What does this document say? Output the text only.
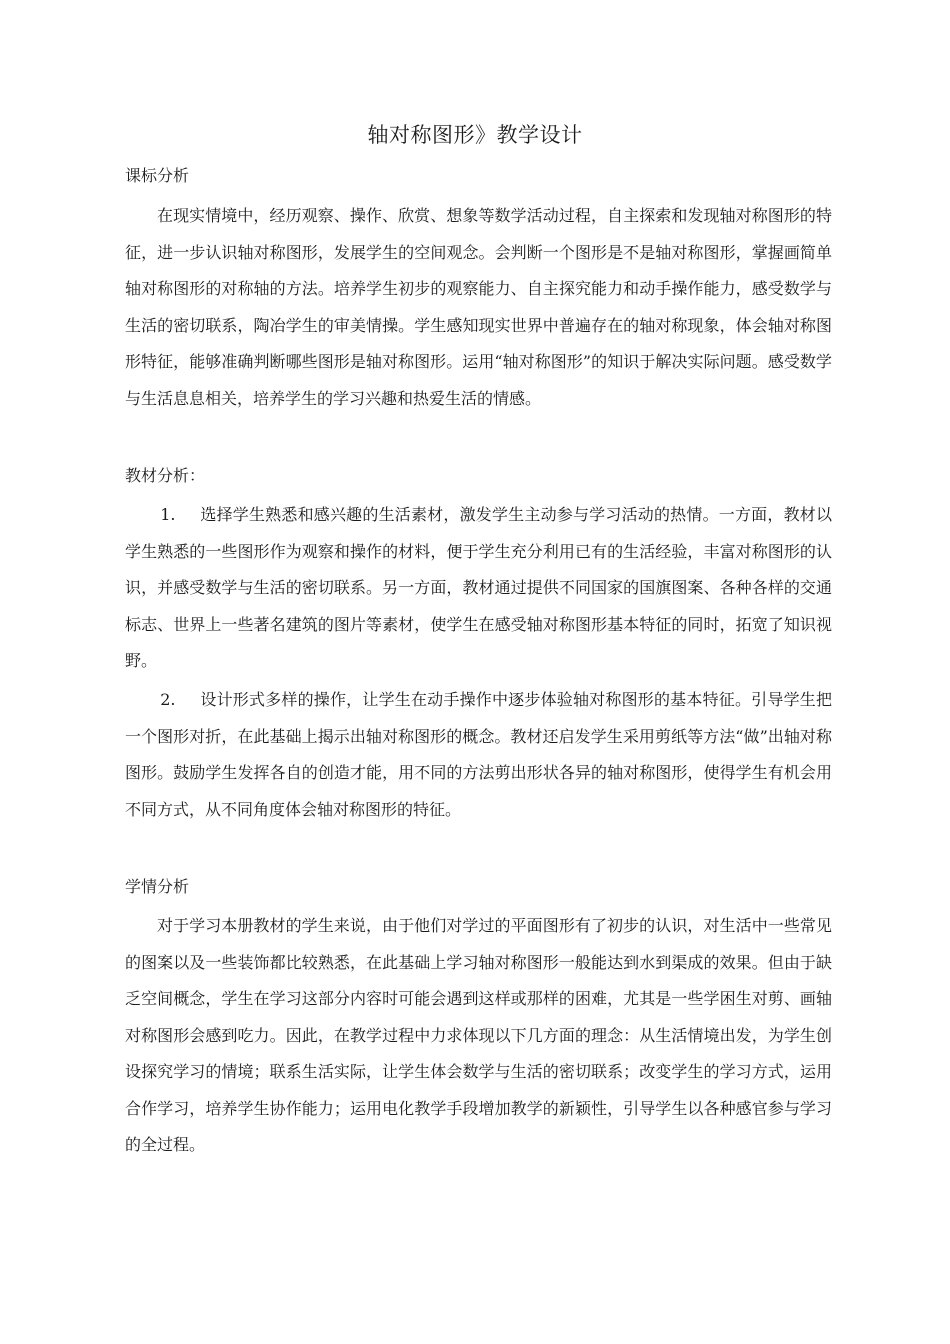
轴对称图形》教学设计
课标分析

在现实情境中，经历观察、操作、欣赏、想象等数学活动过程，自主探索和发现轴对称图形的特征，进一步认识轴对称图形，发展学生的空间观念。会判断一个图形是不是轴对称图形，掌握画简单轴对称图形的对称轴的方法。培养学生初步的观察能力、自主探究能力和动手操作能力，感受数学与生活的密切联系，陶冶学生的审美情操。学生感知现实世界中普遍存在的轴对称现象，体会轴对称图形特征，能够准确判断哪些图形是轴对称图形。运用“轴对称图形”的知识于解决实际问题。感受数学与生活息息相关，培养学生的学习兴趣和热爱生活的情感。

教材分析：

1. 选择学生熟悉和感兴趣的生活素材，激发学生主动参与学习活动的热情。一方面，教材以学生熟悉的一些图形作为观察和操作的材料，便于学生充分利用已有的生活经验，丰富对称图形的认识，并感受数学与生活的密切联系。另一方面，教材通过提供不同国家的国旗图案、各种各样的交通标志、世界上一些著名建筑的图片等素材，使学生在感受轴对称图形基本特征的同时，拓宽了知识视野。

2. 设计形式多样的操作，让学生在动手操作中逐步体验轴对称图形的基本特征。引导学生把一个图形对折，在此基础上揭示出轴对称图形的概念。教材还启发学生采用剪纸等方法“做”出轴对称图形。鼓励学生发挥各自的创造才能，用不同的方法剪出形状各异的轴对称图形，使得学生有机会用不同方式，从不同角度体会轴对称图形的特征。

学情分析

对于学习本册教材的学生来说，由于他们对学过的平面图形有了初步的认识，对生活中一些常见的图案以及一些装饰都比较熟悉，在此基础上学习轴对称图形一般能达到水到渠成的效果。但由于缺乏空间概念，学生在学习这部分内容时可能会遇到这样或那样的困难，尤其是一些学困生对剪、画轴对称图形会感到吃力。因此，在教学过程中力求体现以下几方面的理念：从生活情境出发，为学生创设探究学习的情境；联系生活实际，让学生体会数学与生活的密切联系；改变学生的学习方式，运用合作学习，培养学生协作能力；运用电化教学手段增加教学的新颖性，引导学生以各种感官参与学习的全过程。
